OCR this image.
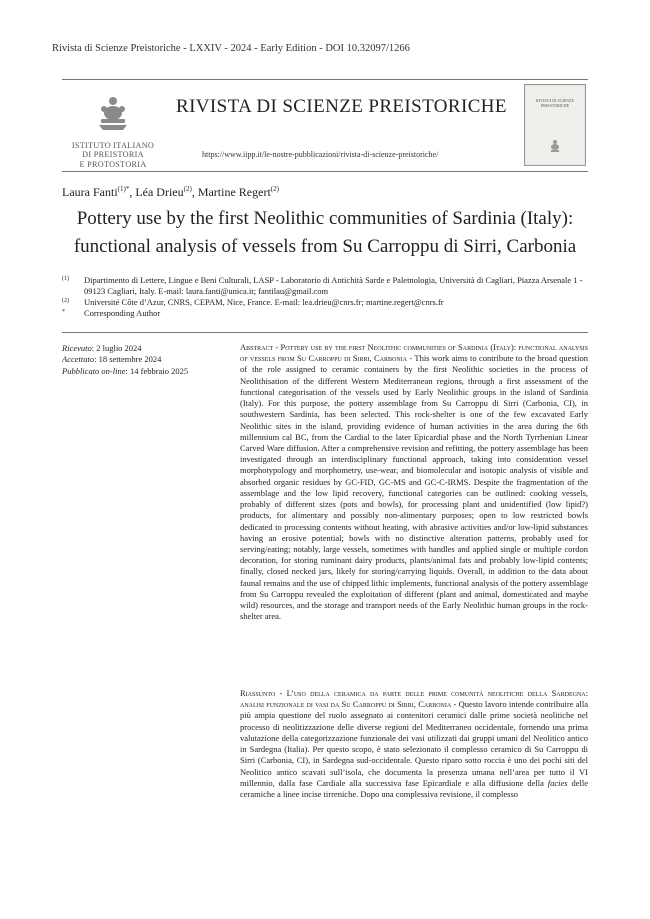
Rivista di Scienze Preistoriche - LXXIV - 2024 - Early Edition - DOI 10.32097/1266
ISTITUTO ITALIANO
DI PREISTORIA
E PROTOSTORIA
RIVISTA DI SCIENZE PREISTORICHE
https://www.iipp.it/le-nostre-pubblicazioni/rivista-di-scienze-preistoriche/
RIVISTA DI SCIENZE PREISTORICHE
Laura Fanti$^{(1)*}$, Léa Drieu$^{(2)}$, Martine Regert$^{(2)}$
Pottery use by the first Neolithic communities of Sardinia (Italy):
functional analysis of vessels from Su Carroppu di Sirri, Carbonia
(1)	Dipartimento di Lettere, Lingue e Beni Culturali, LASP - Laboratorio di Antichità Sarde e Paletnologia, Università di Cagliari, Piazza Arsenale 1 - 09123 Cagliari, Italy. E-mail: laura.fanti@unica.it; fantilau@gmail.com
(2)	Université Côte d’Azur, CNRS, CEPAM, Nice, France. E-mail: lea.drieu@cnrs.fr; martine.regert@cnrs.fr
*	Corresponding Author
Ricevuto: 2 luglio 2024
Accettato: 18 settembre 2024
Pubblicato on-line: 14 febbraio 2025
Abstract - Pottery use by the first Neolithic communities of Sardinia (Italy): functional analysis of vessels from Su Carroppu di Sirri, Carbonia - This work aims to contribute to the broad question of the role assigned to ceramic containers by the first Neolithic societies in the process of Neolithisation of the different Western Mediterranean regions, through a first assessment of the functional categorisation of the vessels used by Early Neolithic groups in the island of Sardinia (Italy). For this purpose, the pottery assemblage from Su Carroppu di Sirri (Carbonia, CI), in southwestern Sardinia, has been selected. This rock-shelter is one of the few excavated Early Neolithic sites in the island, providing evidence of human activities in the area during the 6th millennium cal BC, from the Cardial to the later Epicardial phase and the North Tyrrhenian Linear Carved Ware diffusion. After a comprehensive revision and refitting, the pottery assemblage has been investigated through an interdisciplinary functional approach, taking into consideration vessel morphotypology and morphometry, use-wear, and biomolecular and isotopic analysis of visible and absorbed organic residues by GC-FID, GC-MS and GC-C-IRMS. Despite the fragmentation of the assemblage and the low lipid recovery, functional categories can be outlined: cooking vessels, probably of different sizes (pots and bowls), for processing plant and unidentified (low lipid?) products, for alimentary and possibly non-alimentary purposes; open to low restricted bowls dedicated to processing contents without heating, with abrasive activities and/or low-lipid substances having an erosive potential; bowls with no distinctive alteration patterns, probably used for serving/eating; notably, large vessels, sometimes with handles and applied single or multiple cordon decoration, for storing ruminant dairy products, plants/animal fats and probably low-lipid contents; finally, closed necked jars, likely for storing/carrying liquids. Overall, in addition to the data about faunal remains and the use of chipped lithic implements, functional analysis of the pottery assemblage from Su Carroppu revealed the exploitation of different (plant and animal, domesticated and maybe wild) resources, and the storage and transport needs of the Early Neolithic human groups in the rock-shelter area.
Riassunto - L’uso della ceramica da parte delle prime comunità neolitiche della Sardegna: analisi funzionale di vasi da Su Carroppu di Sirri, Carbonia - Questo lavoro intende contribuire alla più ampia questione del ruolo assegnato ai contenitori ceramici dalle prime società neolitiche nel processo di neolitizzazione delle diverse regioni del Mediterraneo occidentale, fornendo una prima valutazione della categorizzazione funzionale dei vasi utilizzati dai gruppi umani del Neolitico antico in Sardegna (Italia). Per questo scopo, è stato selezionato il complesso ceramico di Su Carroppu di Sirri (Carbonia, CI), in Sardegna sud-occidentale. Questo riparo sotto roccia è uno dei pochi siti del Neolitico antico scavati sull’isola, che documenta la presenza umana nell’area per tutto il VI millennio, dalla fase Cardiale alla successiva fase Epicardiale e alla diffusione della facies delle ceramiche a linee incise tirreniche. Dopo una complessiva revisione, il complesso
